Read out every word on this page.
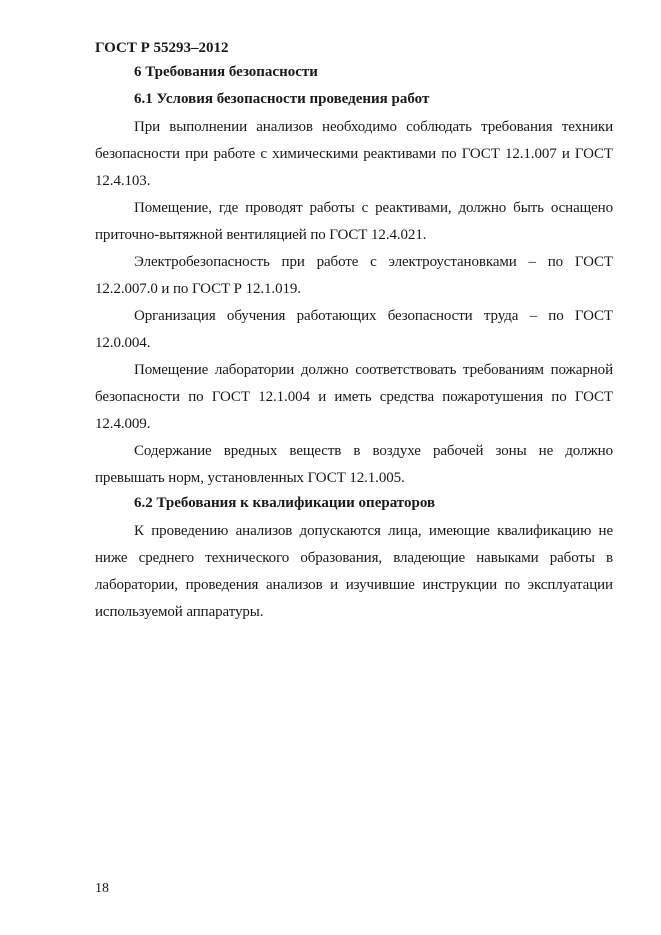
ГОСТ Р 55293–2012

6 Требования безопасности

6.1 Условия безопасности проведения работ

При выполнении анализов необходимо соблюдать требования техники безопасности при работе с химическими реактивами по ГОСТ 12.1.007 и ГОСТ 12.4.103.

Помещение, где проводят работы с реактивами, должно быть оснащено приточно-вытяжной вентиляцией по ГОСТ 12.4.021.

Электробезопасность при работе с электроустановками – по ГОСТ 12.2.007.0 и по ГОСТ Р 12.1.019.

Организация обучения работающих безопасности труда – по ГОСТ 12.0.004.

Помещение лаборатории должно соответствовать требованиям пожарной безопасности по ГОСТ 12.1.004 и иметь средства пожаротушения по ГОСТ 12.4.009.

Содержание вредных веществ в воздухе рабочей зоны не должно превышать норм, установленных ГОСТ 12.1.005.

6.2 Требования к квалификации операторов

К проведению анализов допускаются лица, имеющие квалификацию не ниже среднего технического образования, владеющие навыками работы в лаборатории, проведения анализов и изучившие инструкции по эксплуатации используемой аппаратуры.

18
